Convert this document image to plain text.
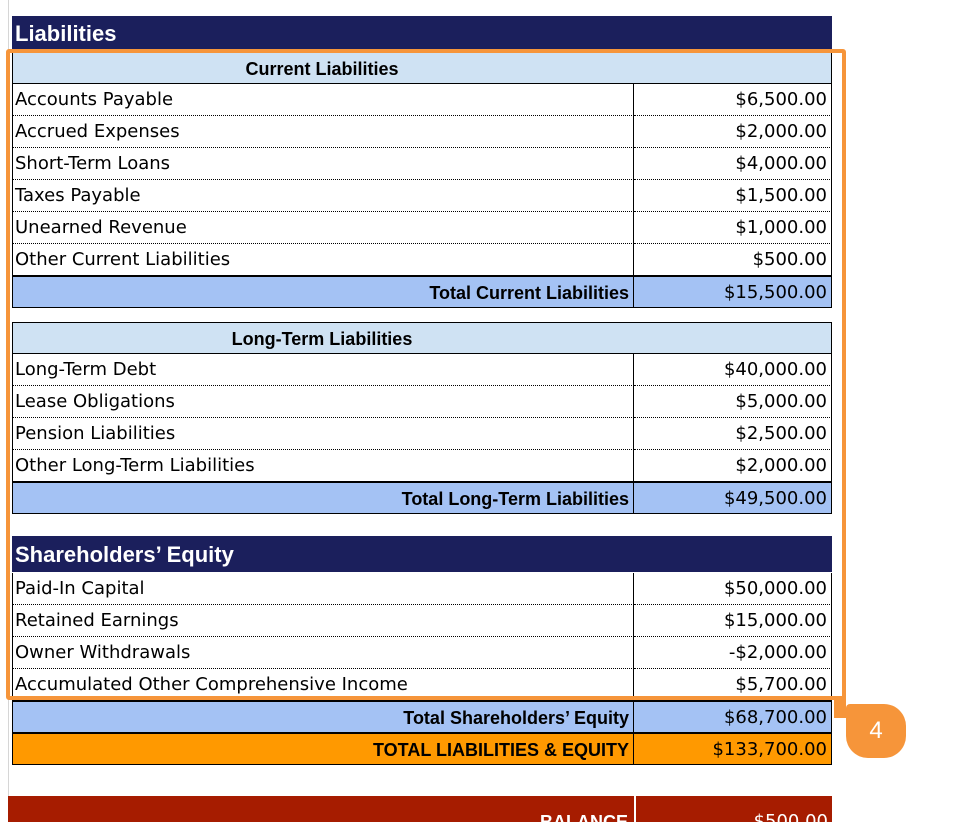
Liabilities
Current Liabilities
Accounts Payable	$6,500.00
Accrued Expenses	$2,000.00
Short-Term Loans	$4,000.00
Taxes Payable	$1,500.00
Unearned Revenue	$1,000.00
Other Current Liabilities	$500.00
Total Current Liabilities	$15,500.00
Long-Term Liabilities
Long-Term Debt	$40,000.00
Lease Obligations	$5,000.00
Pension Liabilities	$2,500.00
Other Long-Term Liabilities	$2,000.00
Total Long-Term Liabilities	$49,500.00
Shareholders’ Equity
Paid-In Capital	$50,000.00
Retained Earnings	$15,000.00
Owner Withdrawals	-$2,000.00
Accumulated Other Comprehensive Income	$5,700.00
Total Shareholders’ Equity	$68,700.00
TOTAL LIABILITIES & EQUITY	$133,700.00
BALANCE	$500.00
4
